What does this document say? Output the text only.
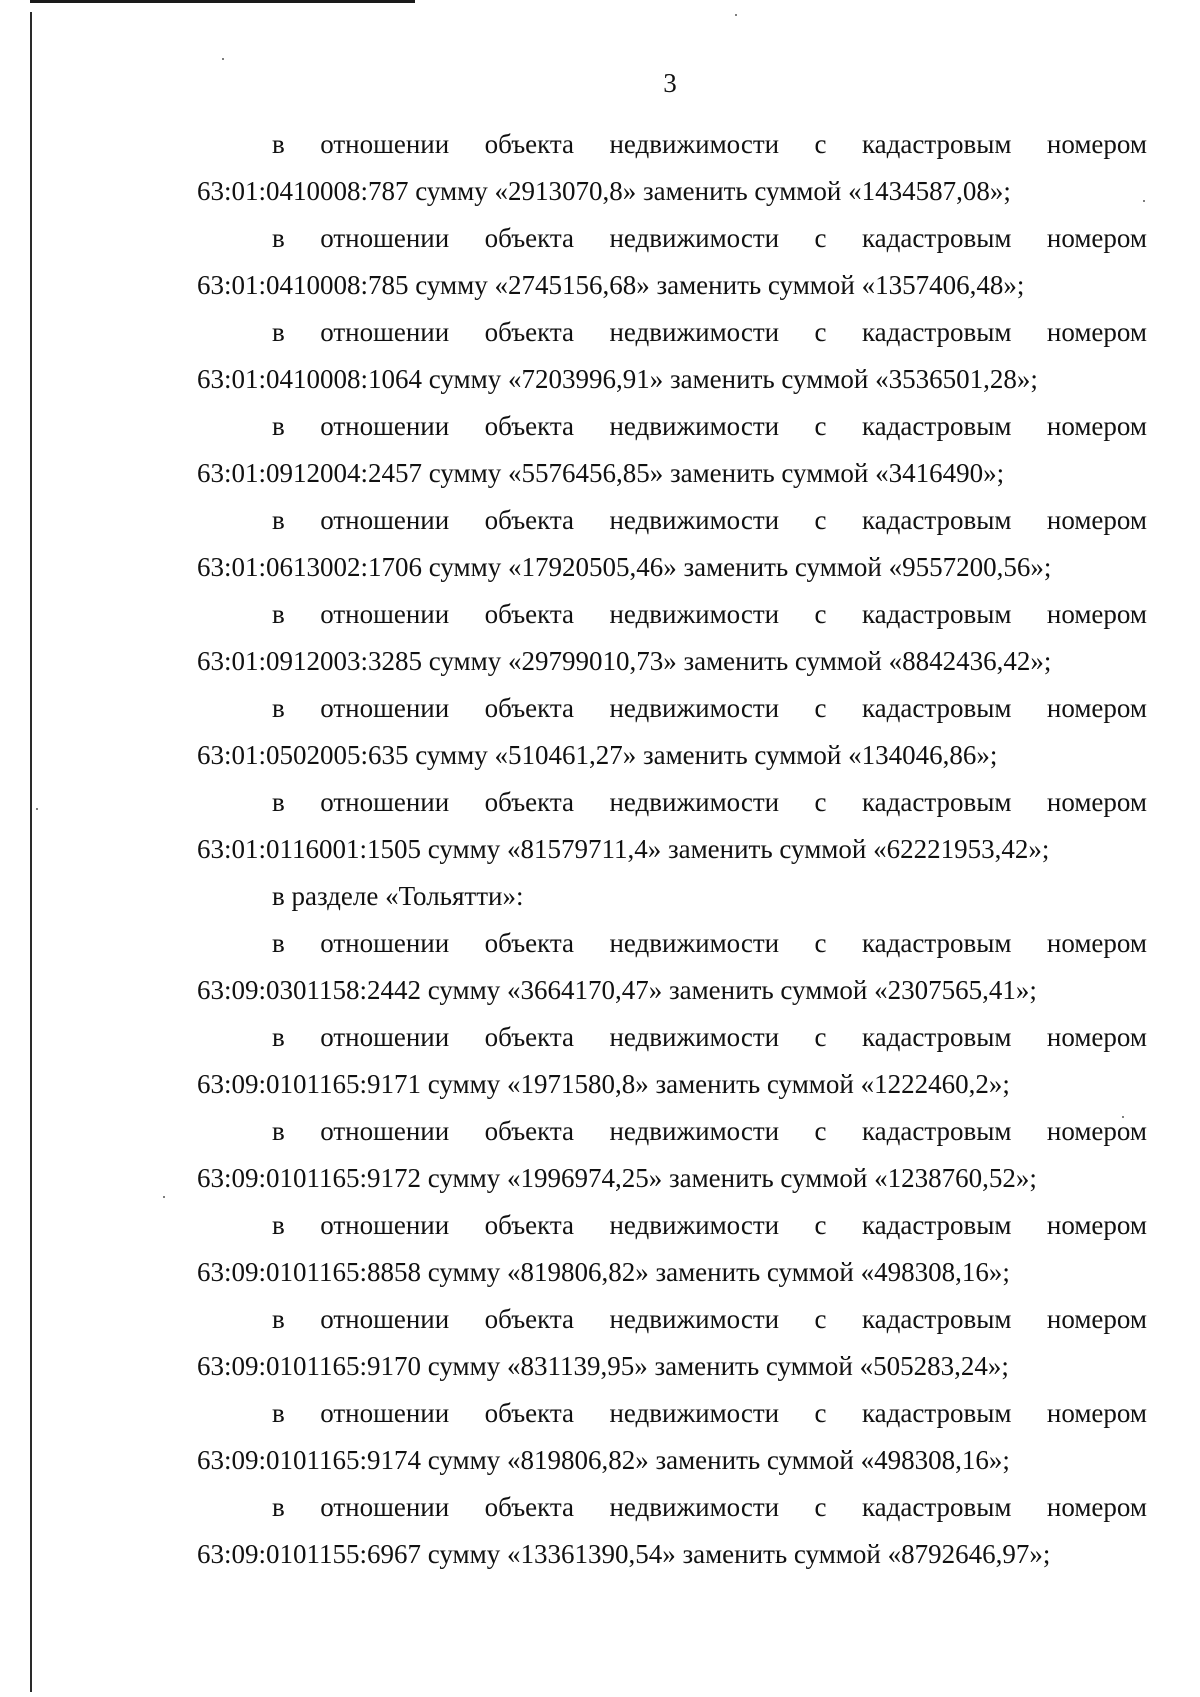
3
в отношении объекта недвижимости с кадастровым номером
63:01:0410008:787 сумму «2913070,8» заменить суммой «1434587,08»;
в отношении объекта недвижимости с кадастровым номером
63:01:0410008:785 сумму «2745156,68» заменить суммой «1357406,48»;
в отношении объекта недвижимости с кадастровым номером
63:01:0410008:1064 сумму «7203996,91» заменить суммой «3536501,28»;
в отношении объекта недвижимости с кадастровым номером
63:01:0912004:2457 сумму «5576456,85» заменить суммой «3416490»;
в отношении объекта недвижимости с кадастровым номером
63:01:0613002:1706 сумму «17920505,46» заменить суммой «9557200,56»;
в отношении объекта недвижимости с кадастровым номером
63:01:0912003:3285 сумму «29799010,73» заменить суммой «8842436,42»;
в отношении объекта недвижимости с кадастровым номером
63:01:0502005:635 сумму «510461,27» заменить суммой «134046,86»;
в отношении объекта недвижимости с кадастровым номером
63:01:0116001:1505 сумму «81579711,4» заменить суммой «62221953,42»;
в разделе «Тольятти»:
в отношении объекта недвижимости с кадастровым номером
63:09:0301158:2442 сумму «3664170,47» заменить суммой «2307565,41»;
в отношении объекта недвижимости с кадастровым номером
63:09:0101165:9171 сумму «1971580,8» заменить суммой «1222460,2»;
в отношении объекта недвижимости с кадастровым номером
63:09:0101165:9172 сумму «1996974,25» заменить суммой «1238760,52»;
в отношении объекта недвижимости с кадастровым номером
63:09:0101165:8858 сумму «819806,82» заменить суммой «498308,16»;
в отношении объекта недвижимости с кадастровым номером
63:09:0101165:9170 сумму «831139,95» заменить суммой «505283,24»;
в отношении объекта недвижимости с кадастровым номером
63:09:0101165:9174 сумму «819806,82» заменить суммой «498308,16»;
в отношении объекта недвижимости с кадастровым номером
63:09:0101155:6967 сумму «13361390,54» заменить суммой «8792646,97»;
